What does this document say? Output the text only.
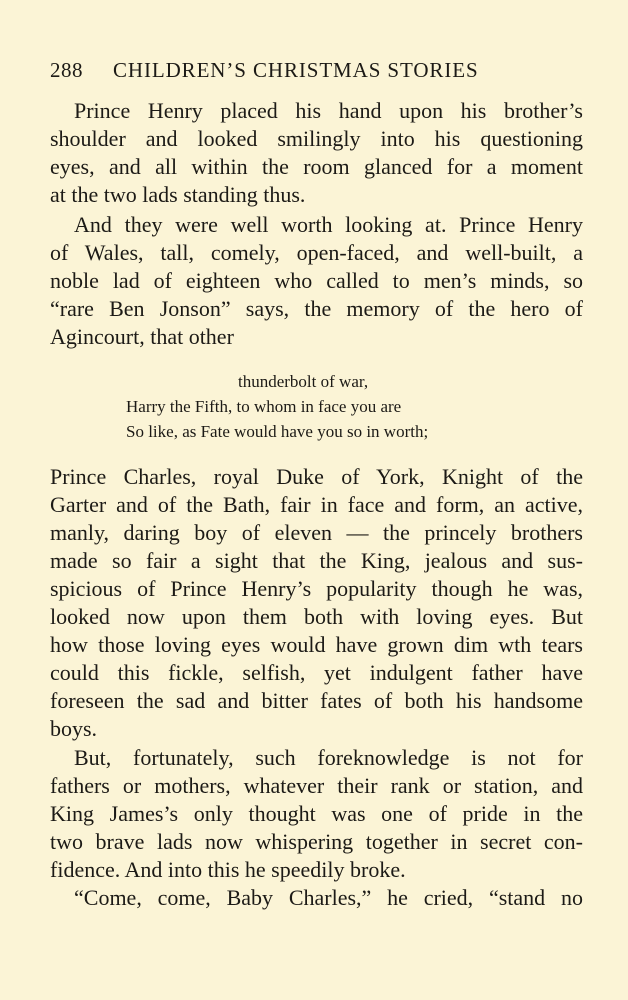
288	CHILDREN’S CHRISTMAS STORIES
Prince Henry placed his hand upon his brother’s
shoulder and looked smilingly into his questioning
eyes, and all within the room glanced for a moment
at the two lads standing thus.
And they were well worth looking at. Prince Henry
of Wales, tall, comely, open-faced, and well-built, a
noble lad of eighteen who called to men’s minds, so
“rare Ben Jonson” says, the memory of the hero of
Agincourt, that other
thunderbolt of war,
Harry the Fifth, to whom in face you are
So like, as Fate would have you so in worth;
Prince Charles, royal Duke of York, Knight of the
Garter and of the Bath, fair in face and form, an active,
manly, daring boy of eleven — the princely brothers
made so fair a sight that the King, jealous and sus-
spicious of Prince Henry’s popularity though he was,
looked now upon them both with loving eyes. But
how those loving eyes would have grown dim wth tears
could this fickle, selfish, yet indulgent father have
foreseen the sad and bitter fates of both his handsome
boys.
But, fortunately, such foreknowledge is not for
fathers or mothers, whatever their rank or station, and
King James’s only thought was one of pride in the
two brave lads now whispering together in secret con-
fidence. And into this he speedily broke.
“Come, come, Baby Charles,” he cried, “stand no
